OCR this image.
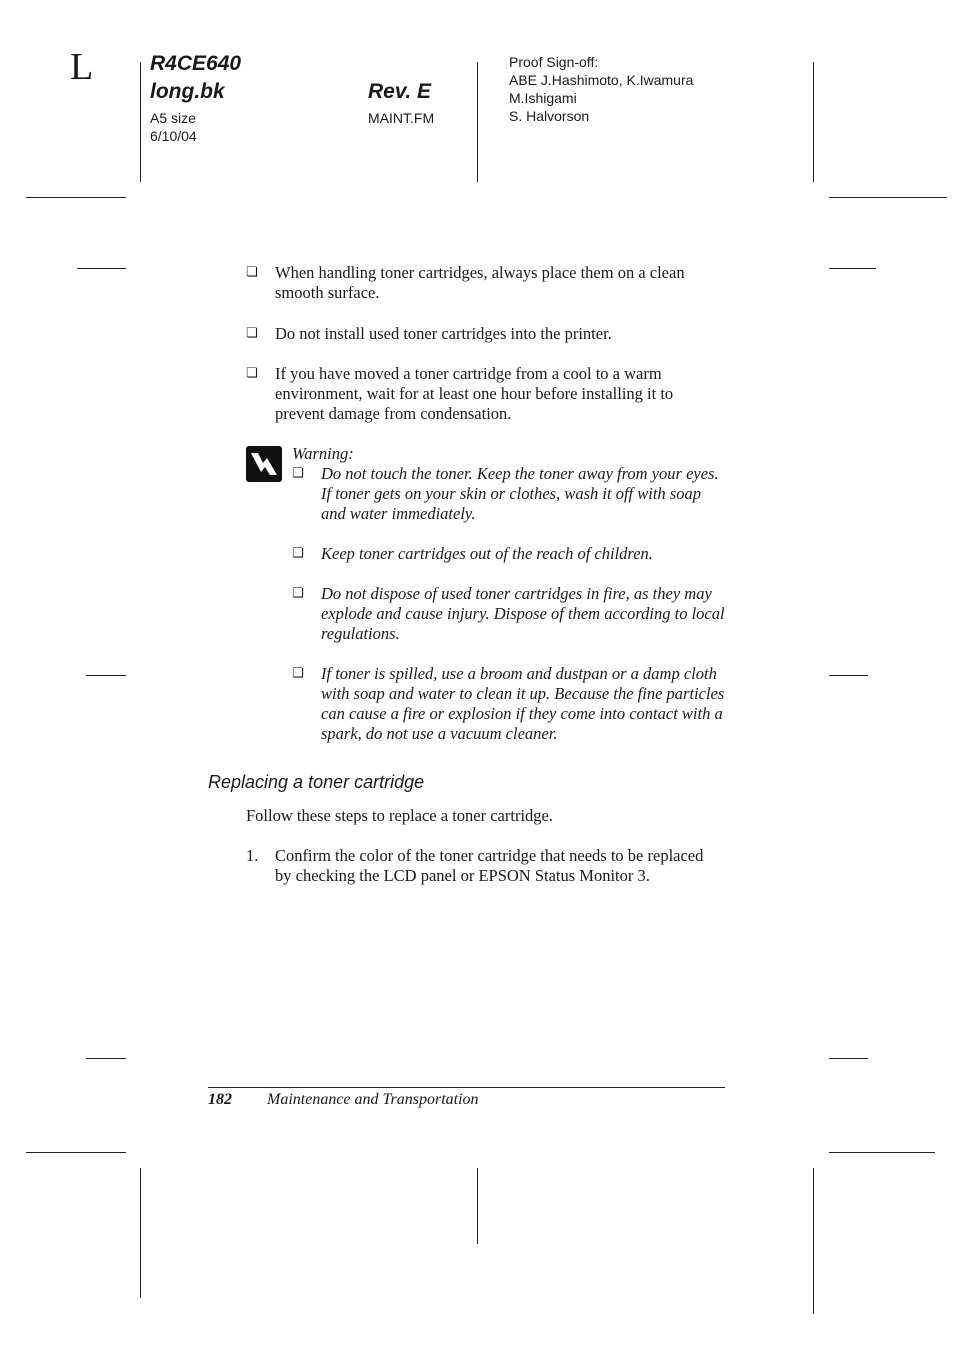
L	R4CE640
long.bk
A5 size
6/10/04
Rev. E
MAINT.FM
Proof Sign-off:
ABE J.Hashimoto, K.Iwamura
M.Ishigami
S. Halvorson
❏ When handling toner cartridges, always place them on a clean smooth surface.
❏ Do not install used toner cartridges into the printer.
❏ If you have moved a toner cartridge from a cool to a warm environment, wait for at least one hour before installing it to prevent damage from condensation.
Warning:
❏ Do not touch the toner. Keep the toner away from your eyes. If toner gets on your skin or clothes, wash it off with soap and water immediately.
❏ Keep toner cartridges out of the reach of children.
❏ Do not dispose of used toner cartridges in fire, as they may explode and cause injury. Dispose of them according to local regulations.
❏ If toner is spilled, use a broom and dustpan or a damp cloth with soap and water to clean it up. Because the fine particles can cause a fire or explosion if they come into contact with a spark, do not use a vacuum cleaner.
Replacing a toner cartridge
Follow these steps to replace a toner cartridge.
1. Confirm the color of the toner cartridge that needs to be replaced by checking the LCD panel or EPSON Status Monitor 3.
182 Maintenance and Transportation
